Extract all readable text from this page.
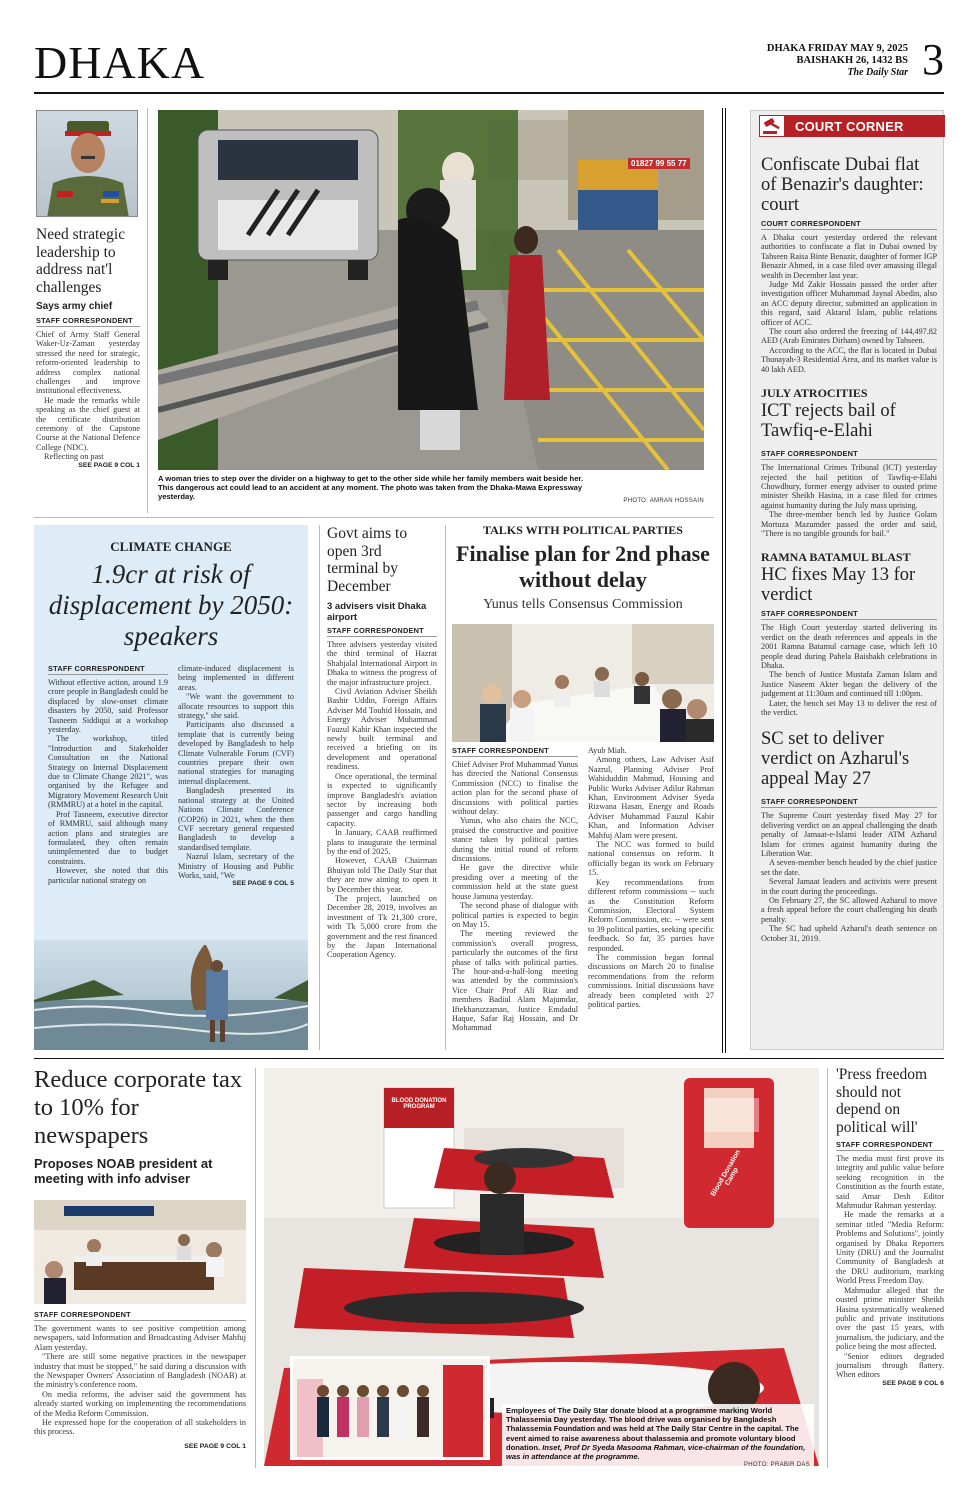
DHAKA	DHAKA FRIDAY MAY 9, 2025
BAISHAKH 26, 1432 BS
The Daily Star 3
Need strategic leadership to address nat'l challenges
Says army chief
STAFF CORRESPONDENT

Chief of Army Staff General Waker-Uz-Zaman yesterday stressed the need for strategic, reform-oriented leadership to address complex national challenges and improve institutional effectiveness.

He made the remarks while speaking as the chief guest at the certificate distribution ceremony of the Capstone Course at the National Defence College (NDC).

Reflecting on past

SEE PAGE 9 COL 1
COME FOR EDUCATION GO FOR SAFE
01827 99 55 77
A woman tries to step over the divider on a highway to get to the other side while her family members wait beside her. This dangerous act could lead to an accident at any moment. The photo was taken from the Dhaka-Mawa Expressway yesterday.	PHOTO: AMRAN HOSSAIN
CLIMATE CHANGE
1.9cr at risk of displacement by 2050: speakers
STAFF CORRESPONDENT

Without effective action, around 1.9 crore people in Bangladesh could be displaced by slow-onset climate disasters by 2050, said Professor Tasneem Siddiqui at a workshop yesterday.

The workshop, titled "Introduction and Stakeholder Consultation on the National Strategy on Internal Displacement due to Climate Change 2021", was organised by the Refugee and Migratory Movement Research Unit (RMMRU) at a hotel in the capital.

Prof Tasneem, executive director of RMMRU, said although many action plans and strategies are formulated, they often remain unimplemented due to budget constraints.

However, she noted that this particular national strategy on

climate-induced displacement is being implemented in different areas.

"We want the government to allocate resources to support this strategy," she said.

Participants also discussed a template that is currently being developed by Bangladesh to help Climate Vulnerable Forum (CVF) countries prepare their own national strategies for managing internal displacement.

Bangladesh presented its national strategy at the United Nations Climate Conference (COP26) in 2021, when the then CVF secretary general requested Bangladesh to develop a standardised template.

Nazrul Islam, secretary of the Ministry of Housing and Public Works, said, "We

SEE PAGE 9 COL 5
Govt aims to open 3rd terminal by December
3 advisers visit Dhaka airport
STAFF CORRESPONDENT

Three advisers yesterday visited the third terminal of Hazrat Shahjalal International Airport in Dhaka to witness the progress of the major infrastructure project.

Civil Aviation Adviser Sheikh Bashir Uddin, Foreign Affairs Adviser Md Touhid Hossain, and Energy Adviser Muhammad Fauzul Kabir Khan inspected the newly built terminal and received a briefing on its development and operational readiness.

Once operational, the terminal is expected to significantly improve Bangladesh's aviation sector by increasing both passenger and cargo handling capacity.

In January, CAAB reaffirmed plans to inaugurate the terminal by the end of 2025.

However, CAAB Chairman Bhuiyan told The Daily Star that they are now aiming to open it by December this year.

The project, launched on December 28, 2019, involves an investment of Tk 21,300 crore, with Tk 5,000 crore from the government and the rest financed by the Japan International Cooperation Agency.

TALKS WITH POLITICAL PARTIES
Finalise plan for 2nd phase without delay
Yunus tells Consensus Commission
STAFF CORRESPONDENT

Chief Adviser Prof Muhammad Yunus has directed the National Consensus Commission (NCC) to finalise the action plan for the second phase of discussions with political parties without delay.

Yunus, who also chairs the NCC, praised the constructive and positive stance taken by political parties during the initial round of reform discussions.

He gave the directive while presiding over a meeting of the commission held at the state guest house Jamuna yesterday.

The second phase of dialogue with political parties is expected to begin on May 15.

The meeting reviewed the commission's overall progress, particularly the outcomes of the first phase of talks with political parties. The hour-and-a-half-long meeting was attended by the commission's Vice Chair Prof Ali Riaz and members Badiul Alam Majumdar, Iftekharuzzaman, Justice Emdadul Haque, Safar Raj Hossain, and Dr Mohammad

Ayub Miah.

Among others, Law Adviser Asif Nazrul, Planning Adviser Prof Wahiduddin Mahmud, Housing and Public Works Adviser Adilur Rahman Khan, Environment Adviser Syeda Rizwana Hasan, Energy and Roads Adviser Muhammad Fauzul Kabir Khan, and Information Adviser Mahfuj Alam were present.

The NCC was formed to build national consensus on reform. It officially began its work on February 15.

Key recommendations from different reform commissions -- such as the Constitution Reform Commission, Electoral System Reform Commission, etc. -- were sent to 39 political parties, seeking specific feedback. So far, 35 parties have responded.

The commission began formal discussions on March 20 to finalise recommendations from the reform commissions. Initial discussions have already been completed with 27 political parties.

COURT CORNER
Confiscate Dubai flat of Benazir's daughter: court
COURT CORRESPONDENT

A Dhaka court yesterday ordered the relevant authorities to confiscate a flat in Dubai owned by Tahseen Raisa Binte Benazir, daughter of former IGP Benazir Ahmed, in a case filed over amassing illegal wealth in December last year.

Judge Md Zakir Hossain passed the order after investigation officer Muhammad Jaynal Abedin, also an ACC deputy director, submitted an application in this regard, said Aktarul Islam, public relations officer of ACC.

The court also ordered the freezing of 144,497.82 AED (Arab Emirates Dirham) owned by Tahseen.

According to the ACC, the flat is located in Dubai Thunayah-3 Residential Area, and its market value is 40 lakh AED.

JULY ATROCITIES
ICT rejects bail of Tawfiq-e-Elahi
STAFF CORRESPONDENT

The International Crimes Tribunal (ICT) yesterday rejected the bail petition of Tawfiq-e-Elahi Chowdhury, former energy adviser to ousted prime minister Sheikh Hasina, in a case filed for crimes against humanity during the July mass uprising.

The three-member bench led by Justice Golam Mortuza Mazumder passed the order and said, "There is no tangible grounds for bail."

RAMNA BATAMUL BLAST
HC fixes May 13 for verdict
STAFF CORRESPONDENT

The High Court yesterday started delivering its verdict on the death references and appeals in the 2001 Ramna Batamul carnage case, which left 10 people dead during Pahela Baishakh celebrations in Dhaka.

The bench of Justice Mustafa Zaman Islam and Justice Naseem Akter began the delivery of the judgement at 11:30am and continued till 1:00pm.

Later, the bench set May 13 to deliver the rest of the verdict.

SC set to deliver verdict on Azharul's appeal May 27
STAFF CORRESPONDENT

The Supreme Court yesterday fixed May 27 for delivering verdict on an appeal challenging the death penalty of Jamaat-e-Islami leader ATM Azharul Islam for crimes against humanity during the Liberation War.

A seven-member bench headed by the chief justice set the date.

Several Jamaat leaders and activists were present in the court during the proceedings.

On February 27, the SC allowed Azharul to move a fresh appeal before the court challenging his death penalty.

The SC had upheld Azharul's death sentence on October 31, 2019.

Reduce corporate tax to 10% for newspapers
Proposes NOAB president at meeting with info adviser
STAFF CORRESPONDENT

The government wants to see positive competition among newspapers, said Information and Broadcasting Adviser Mahfuj Alam yesterday.

"There are still some negative practices in the newspaper industry that must be stopped," he said during a discussion with the Newspaper Owners' Association of Bangladesh (NOAB) at the ministry's conference room.

On media reforms, the adviser said the government has already started working on implementing the recommendations of the Media Reform Commission.

He expressed hope for the cooperation of all stakeholders in this process.

SEE PAGE 9 COL 1
BLOOD DONATION PROGRAM
Blood Donation Camp
Employees of The Daily Star donate blood at a programme marking World Thalassemia Day yesterday. The blood drive was organised by Bangladesh Thalassemia Foundation and was held at The Daily Star Centre in the capital. The event aimed to raise awareness about thalassemia and promote voluntary blood donation. Inset, Prof Dr Syeda Masooma Rahman, vice-chairman of the foundation, was in attendance at the programme.
PHOTO: PRABIR DAS
'Press freedom should not depend on political will'
STAFF CORRESPONDENT

The media must first prove its integrity and public value before seeking recognition in the Constitution as the fourth estate, said Amar Desh Editor Mahmudur Rahman yesterday.

He made the remarks at a seminar titled "Media Reform: Problems and Solutions", jointly organised by Dhaka Reporters Unity (DRU) and the Journalist Community of Bangladesh at the DRU auditorium, marking World Press Freedom Day.

Mahmudur alleged that the ousted prime minister Sheikh Hasina systematically weakened public and private institutions over the past 15 years, with journalism, the judiciary, and the police being the most affected.

"Senior editors degraded journalism through flattery. When editors

SEE PAGE 9 COL 6
